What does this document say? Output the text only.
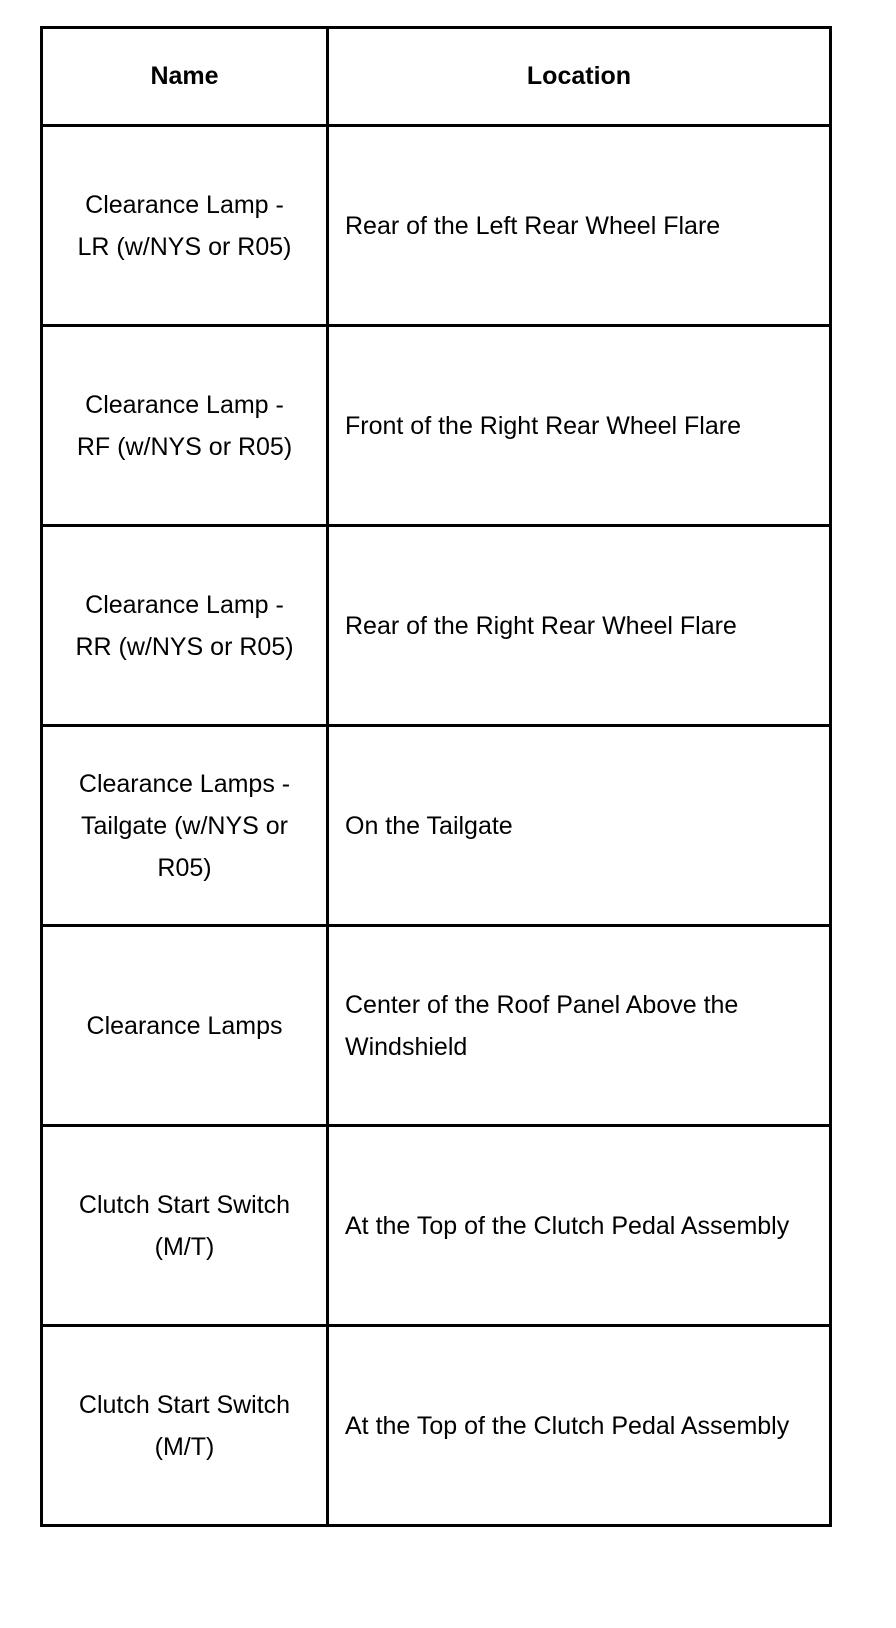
Name	Location
Clearance Lamp - LR (w/NYS or R05)	Rear of the Left Rear Wheel Flare
Clearance Lamp - RF (w/NYS or R05)	Front of the Right Rear Wheel Flare
Clearance Lamp - RR (w/NYS or R05)	Rear of the Right Rear Wheel Flare
Clearance Lamps - Tailgate (w/NYS or R05)	On the Tailgate
Clearance Lamps	Center of the Roof Panel Above the Windshield
Clutch Start Switch (M/T)	At the Top of the Clutch Pedal Assembly
Clutch Start Switch (M/T)	At the Top of the Clutch Pedal Assembly
